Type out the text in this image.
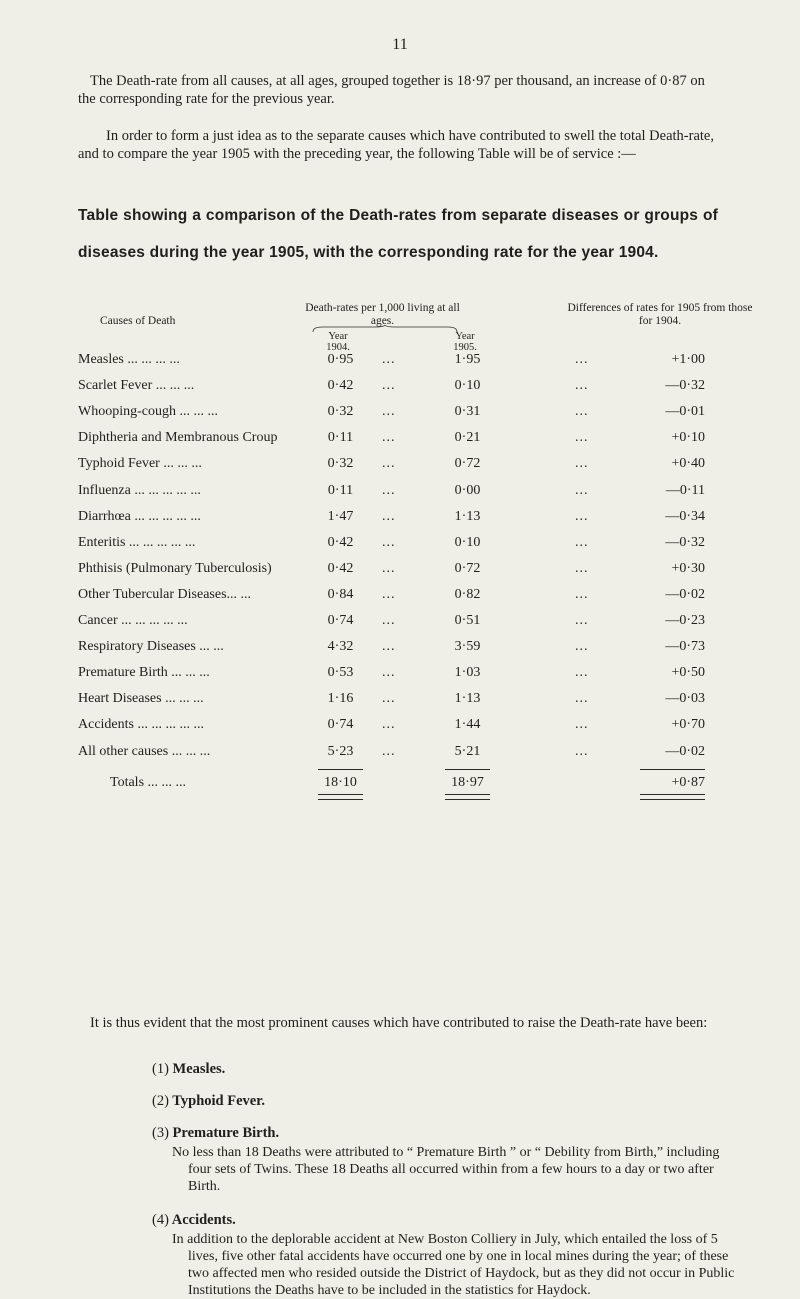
11

The Death-rate from all causes, at all ages, grouped together is 18·97 per thousand, an increase of 0·87 on the corresponding rate for the previous year.

In order to form a just idea as to the separate causes which have contributed to swell the total Death-rate, and to compare the year 1905 with the preceding year, the following Table will be of service :—

Table showing a comparison of the Death-rates from separate diseases or groups of diseases during the year 1905, with the corresponding rate for the year 1904.

Causes of Death
Death-rates per 1,000 living at all ages.
Differences of rates for 1905 from those for 1904.
Year 1904.
Year 1905.
Measles ... ... ... ...	0·95	...	1·95	...	+1·00
Scarlet Fever ... ... ...	0·42	...	0·10	...	—0·32
Whooping-cough ... ... ...	0·32	...	0·31	...	—0·01
Diphtheria and Membranous Croup	0·11	...	0·21	...	+0·10
Typhoid Fever ... ... ...	0·32	...	0·72	...	+0·40
Influenza ... ... ... ... ...	0·11	...	0·00	...	—0·11
Diarrhœa ... ... ... ... ...	1·47	...	1·13	...	—0·34
Enteritis ... ... ... ... ...	0·42	...	0·10	...	—0·32
Phthisis (Pulmonary Tuberculosis)	0·42	...	0·72	...	+0·30
Other Tubercular Diseases... ...	0·84	...	0·82	...	—0·02
Cancer ... ... ... ... ...	0·74	...	0·51	...	—0·23
Respiratory Diseases ... ...	4·32	...	3·59	...	—0·73
Premature Birth ... ... ...	0·53	...	1·03	...	+0·50
Heart Diseases ... ... ...	1·16	...	1·13	...	—0·03
Accidents ... ... ... ... ...	0·74	...	1·44	...	+0·70
All other causes ... ... ...	5·23	...	5·21	...	—0·02
Totals ... ... ...	18·10	18·97	+0·87

It is thus evident that the most prominent causes which have contributed to raise the Death-rate have been:

(1) Measles.
(2) Typhoid Fever.
(3) Premature Birth.

No less than 18 Deaths were attributed to “ Premature Birth ” or “ Debility from Birth,” including four sets of Twins. These 18 Deaths all occurred within from a few hours to a day or two after Birth.

(4) Accidents.

In addition to the deplorable accident at New Boston Colliery in July, which entailed the loss of 5 lives, five other fatal accidents have occurred one by one in local mines during the year; of these two affected men who resided outside the District of Haydock, but as they did not occur in Public Institutions the Deaths have to be included in the statistics for Haydock.
